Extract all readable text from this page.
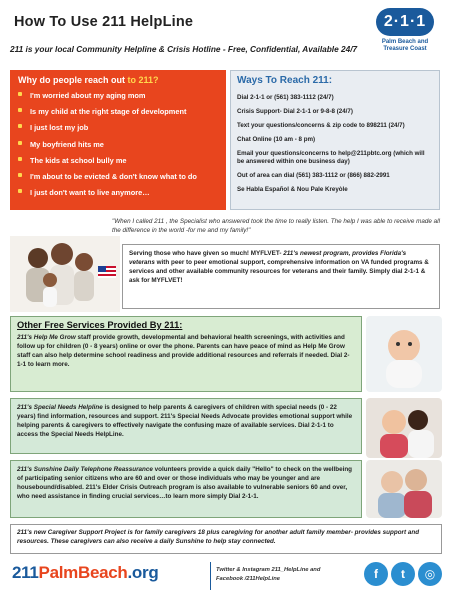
How To Use 211 HelpLine
211 is your local Community Helpline & Crisis Hotline - Free, Confidential, Available 24/7
2·1·1
Palm Beach and
Treasure Coast
Why do people reach out to 211?
I'm worried about my aging mom
Is my child at the right stage of development
I just lost my job
My boyfriend hits me
The kids at school bully me
I'm about to be evicted & don't know what to do
I just don't want to live anymore…
Ways To Reach 211:

Dial 2-1-1 or (561) 383-1112 (24/7)

Crisis Support- Dial 2-1-1 or 9-8-8 (24/7)

Text your questions/concerns & zip code to 898211 (24/7)

Chat Online (10 am - 8 pm)

Email your questions/concerns to help@211pbtc.org (which will be answered within one business day)

Out of area can dial (561) 383-1112 or (866) 882-2991

Se Habla Español & Nou Pale Kreyòle

"When I called 211 , the Specialist who answered took the time to really listen. The help I was able to receive made all the difference in the world -for me and my family!"
Serving those who have given so much! MYFLVET- 211's newest program, provides Florida's veterans with peer to peer emotional support, comprehensive information on VA funded programs & services and other available community resources for veterans and their family. Simply dial 2-1-1 & ask for MYFLVET!
Other Free Services Provided By 211:
211's Help Me Grow staff provide growth, developmental and behavioral health screenings, with activities and follow up for children (0 - 8 years) online or over the phone. Parents can have peace of mind as Help Me Grow staff can also help determine school readiness and provide additional resources and referrals if needed. Dial 2-1-1 to learn more.
211's Special Needs Helpline is designed to help parents & caregivers of children with special needs (0 - 22 years) find information, resources and support. 211's Special Needs Advocate provides emotional support while helping parents & caregivers to effectively navigate the confusing maze of available services. Dial 2-1-1 to access the Special Needs HelpLine.
211's Sunshine Daily Telephone Reassurance volunteers provide a quick daily "Hello" to check on the wellbeing of participating senior citizens who are 60 and over or those individuals who may be younger and are housebound/disabled. 211's Elder Crisis Outreach program is also available to vulnerable seniors 60 and over, who need assistance in finding crucial services…to learn more simply Dial 2-1-1.
211's new Caregiver Support Project is for family caregivers 18 plus caregiving for another adult family member- provides support and resources. These caregivers can also receive a daily Sunshine to help stay connected.
211PalmBeach.org	Twitter & Instagram 211_HelpLine and
Facebook /211HelpLine	f	t	◎
